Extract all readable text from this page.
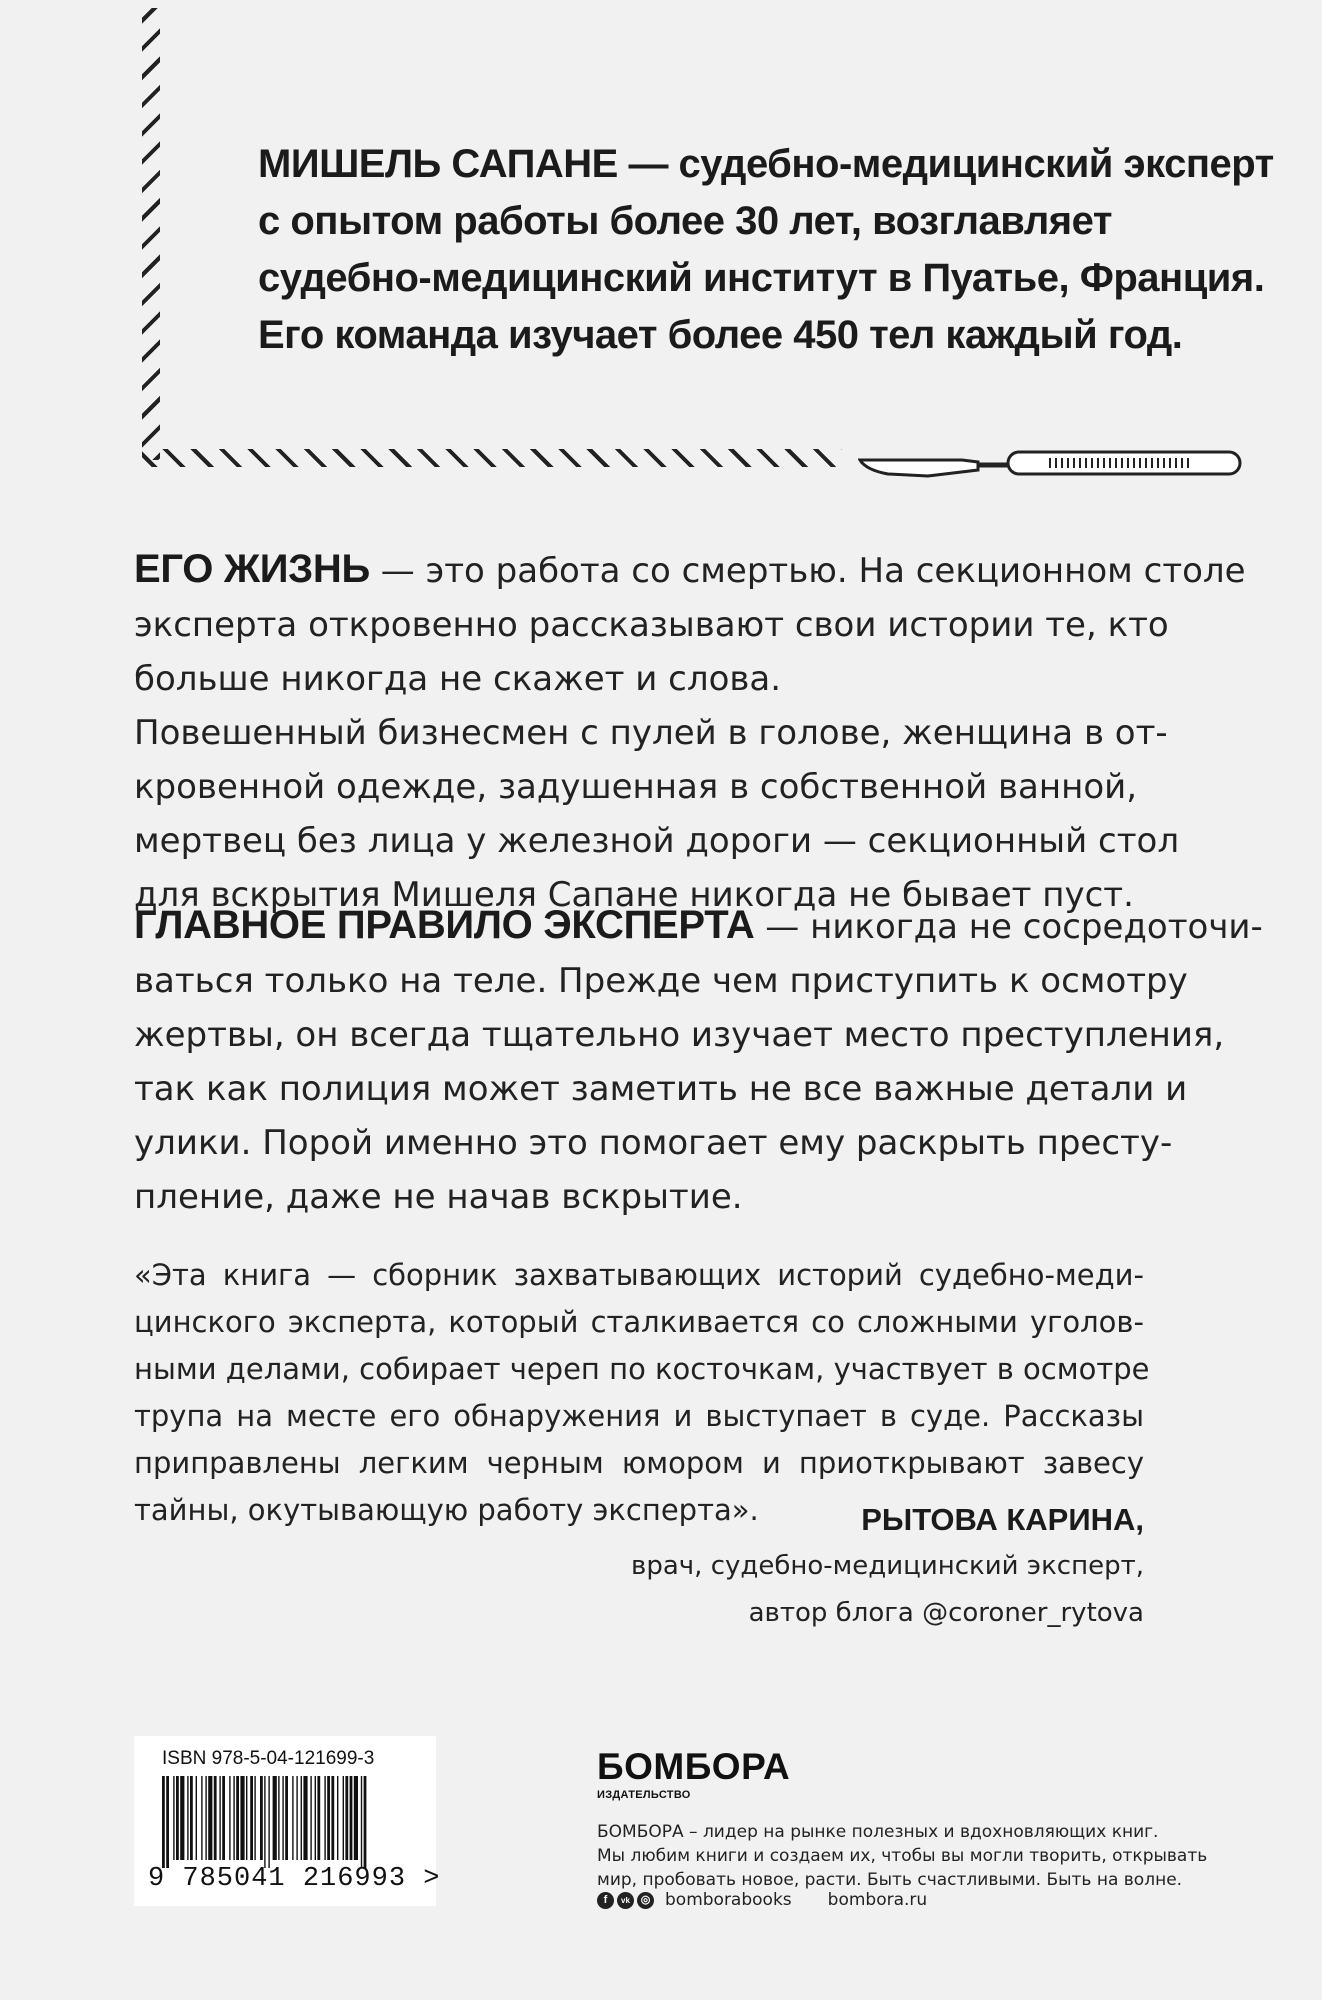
МИШЕЛЬ САПАНЕ — судебно-медицинский эксперт

с опытом работы более 30 лет, возглавляет

судебно-медицинский институт в Пуатье, Франция.

Его команда изучает более 450 тел каждый год.

ЕГО ЖИЗНЬ — это работа со смертью. На секционном столе

эксперта откровенно рассказывают свои истории те, кто

больше никогда не скажет и слова.

Повешенный бизнесмен с пулей в голове, женщина в от-

кровенной одежде, задушенная в собственной ванной,

мертвец без лица у железной дороги — секционный стол

для вскрытия Мишеля Сапане никогда не бывает пуст.

ГЛАВНОЕ ПРАВИЛО ЭКСПЕРТА — никогда не сосредоточи-

ваться только на теле. Прежде чем приступить к осмотру

жертвы, он всегда тщательно изучает место преступления,

так как полиция может заметить не все важные детали и

улики. Порой именно это помогает ему раскрыть престу-

пление, даже не начав вскрытие.

«Эта книга — сборник захватывающих историй судебно-меди-

цинского эксперта, который сталкивается со сложными уголов-

ными делами, собирает череп по косточкам, участвует в осмотре

трупа на месте его обнаружения и выступает в суде. Рассказы

приправлены легким черным юмором и приоткрывают завесу

тайны, окутывающую работу эксперта».	РЫТОВА КАРИНА,

врач, судебно-медицинский эксперт,

автор блога @coroner_rytova

ISBN 978-5-04-121699-3
9 785041 216993 >
БОМБОРА
ИЗДАТЕЛЬСТВО

БОМБОРА – лидер на рынке полезных и вдохновляющих книг.

Мы любим книги и создаем их, чтобы вы могли творить, открывать

мир, пробовать новое, расти. Быть счастливыми. Быть на волне.

f	vk ◎ bomborabooks bombora.ru
